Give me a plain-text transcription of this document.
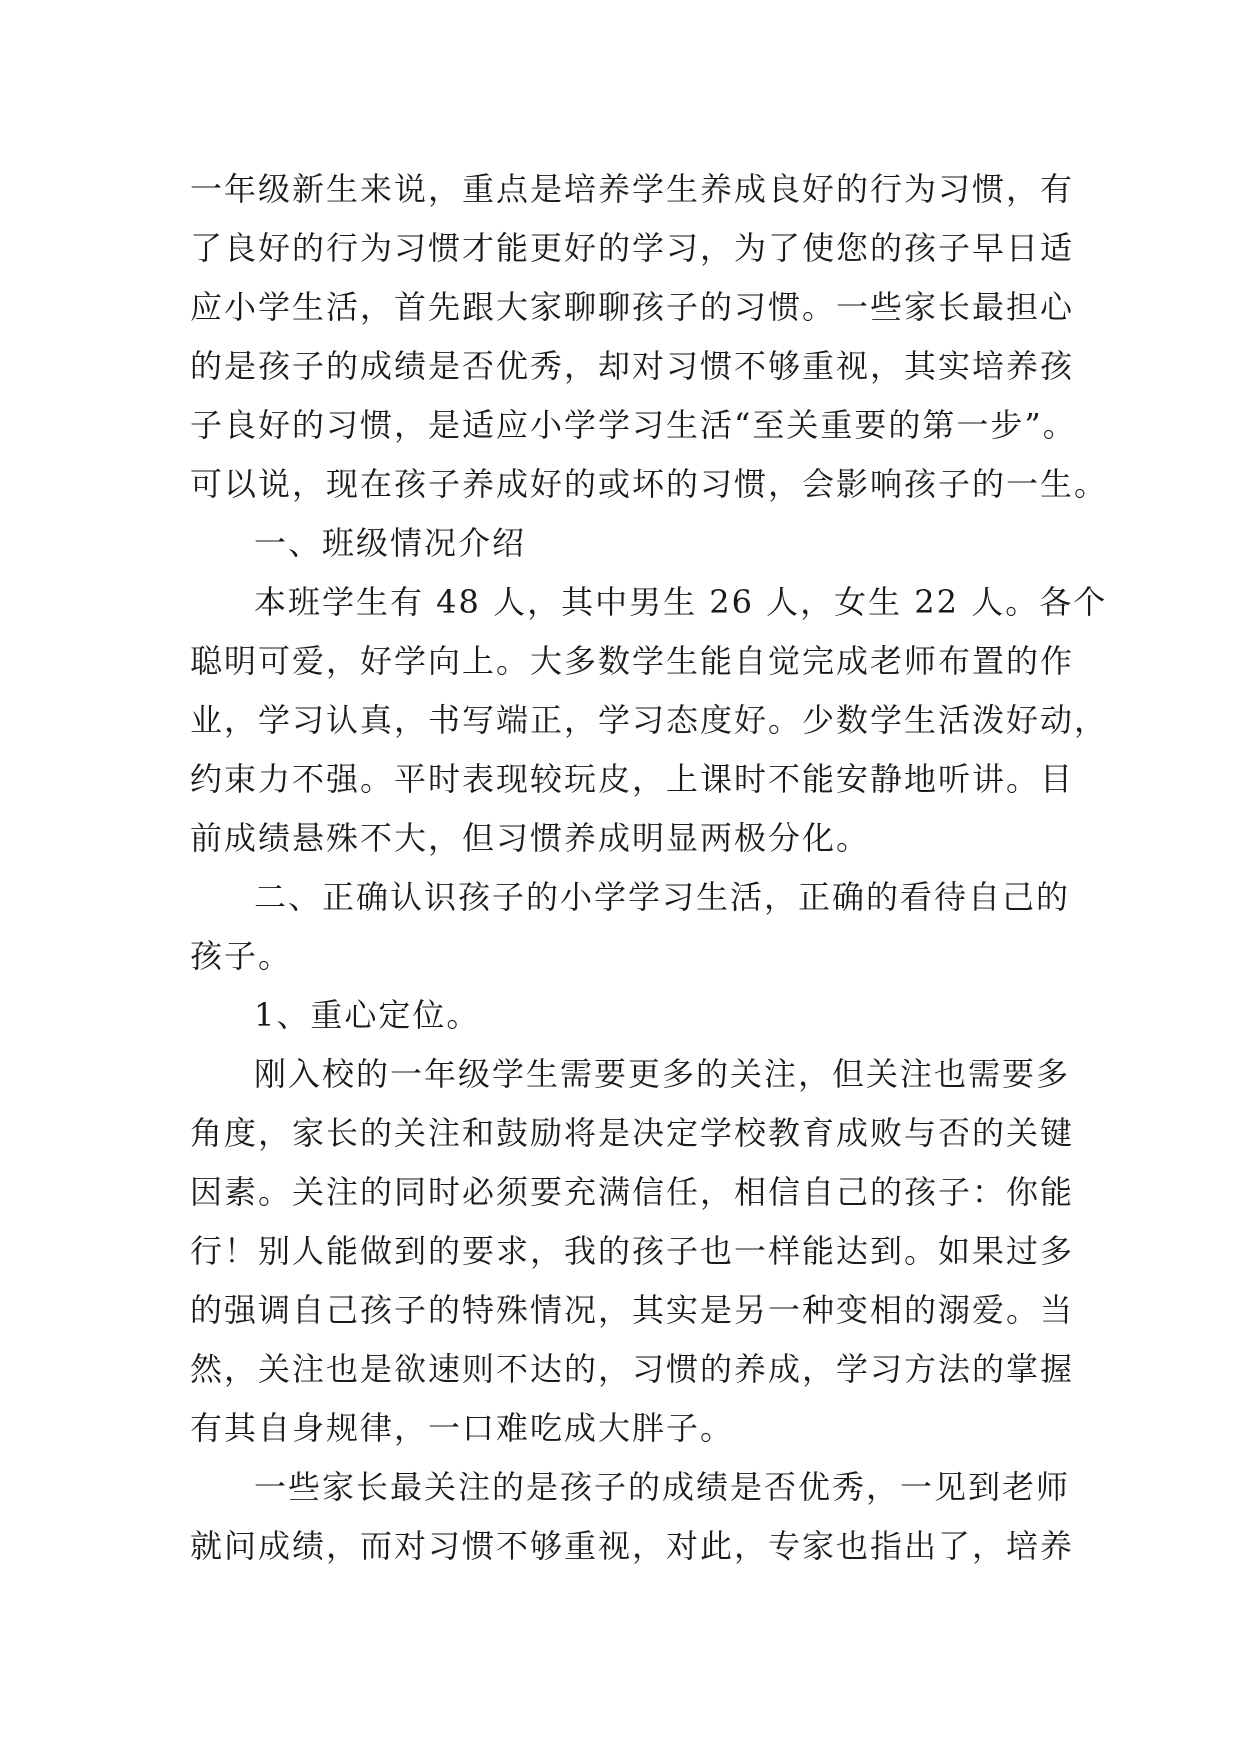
一年级新生来说，重点是培养学生养成良好的行为习惯，有
了良好的行为习惯才能更好的学习，为了使您的孩子早日适
应小学生活，首先跟大家聊聊孩子的习惯。一些家长最担心
的是孩子的成绩是否优秀，却对习惯不够重视，其实培养孩
子良好的习惯，是适应小学学习生活“至关重要的第一步”。
可以说，现在孩子养成好的或坏的习惯，会影响孩子的一生。
一、班级情况介绍
本班学生有 48 人，其中男生 26 人，女生 22 人。各个
聪明可爱，好学向上。大多数学生能自觉完成老师布置的作
业，学习认真，书写端正，学习态度好。少数学生活泼好动，
约束力不强。平时表现较玩皮，上课时不能安静地听讲。目
前成绩悬殊不大，但习惯养成明显两极分化。
二、正确认识孩子的小学学习生活，正确的看待自己的
孩子。
1、重心定位。
刚入校的一年级学生需要更多的关注，但关注也需要多
角度，家长的关注和鼓励将是决定学校教育成败与否的关键
因素。关注的同时必须要充满信任，相信自己的孩子：你能
行！别人能做到的要求，我的孩子也一样能达到。如果过多
的强调自己孩子的特殊情况，其实是另一种变相的溺爱。当
然，关注也是欲速则不达的，习惯的养成，学习方法的掌握
有其自身规律，一口难吃成大胖子。
一些家长最关注的是孩子的成绩是否优秀，一见到老师
就问成绩，而对习惯不够重视，对此，专家也指出了，培养
